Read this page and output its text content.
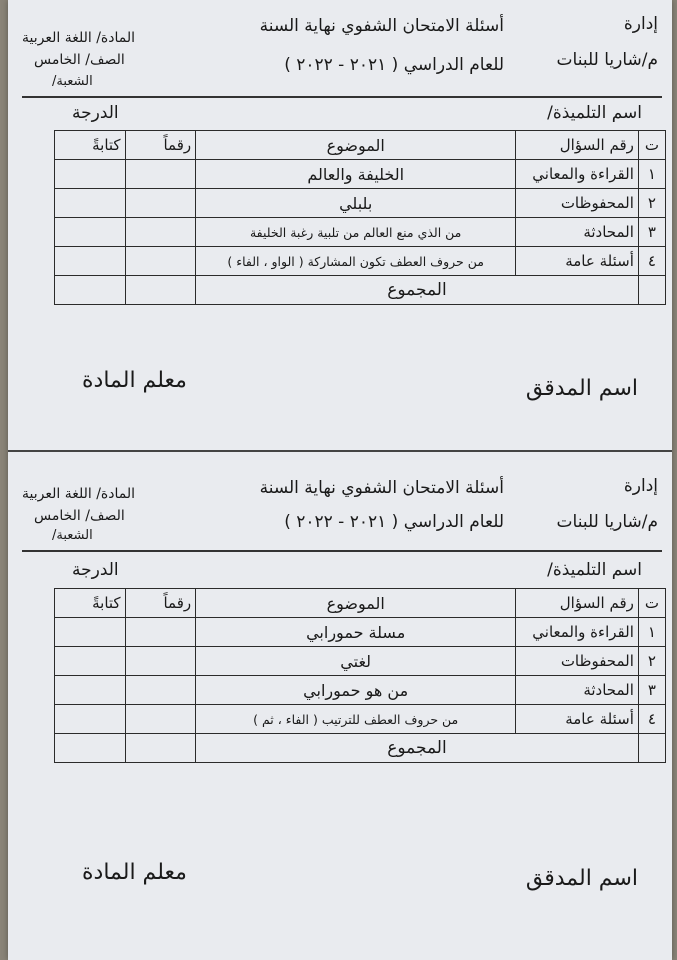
إدارة
م/شاريا للبنات
أسئلة الامتحان الشفوي نهاية السنة
للعام الدراسي ( ٢٠٢١ - ٢٠٢٢ )
المادة/ اللغة العربية
الصف/ الخامس
الشعبة/
اسم التلميذة/
الدرجة
ت	رقم السؤال	الموضوع	رقماً	كتابةً
١	القراءة والمعاني	الخليفة والعالم		
٢	المحفوظات	بلبلي		
٣	المحادثة	من الذي منع العالم من تلبية رغبة الخليفة		
٤	أسئلة عامة	من حروف العطف تكون المشاركة ( الواو ، الفاء )		
	المجموع			
اسم المدقق
معلم المادة
إدارة
م/شاريا للبنات
أسئلة الامتحان الشفوي نهاية السنة
للعام الدراسي ( ٢٠٢١ - ٢٠٢٢ )
المادة/ اللغة العربية
الصف/ الخامس
الشعبة/
اسم التلميذة/
الدرجة
ت	رقم السؤال	الموضوع	رقماً	كتابةً
١	القراءة والمعاني	مسلة حمورابي		
٢	المحفوظات	لغتي		
٣	المحادثة	من هو حمورابي		
٤	أسئلة عامة	من حروف العطف للترتيب ( الفاء ، ثم )		
	المجموع			
اسم المدقق
معلم المادة
